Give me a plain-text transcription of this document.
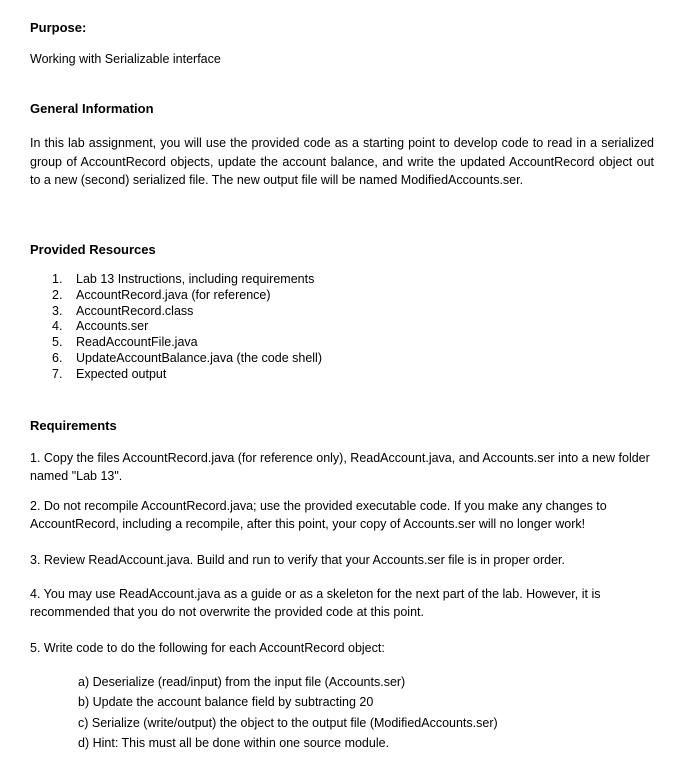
Purpose:
Working with Serializable interface
General Information
In this lab assignment, you will use the provided code as a starting point to develop code to read in a serialized group of AccountRecord objects, update the account balance, and write the updated AccountRecord object out to a new (second) serialized file. The new output file will be named ModifiedAccounts.ser.
Provided Resources
1. Lab 13 Instructions, including requirements
2. AccountRecord.java (for reference)
3. AccountRecord.class
4. Accounts.ser
5. ReadAccountFile.java
6. UpdateAccountBalance.java (the code shell)
7. Expected output
Requirements
1. Copy the files AccountRecord.java (for reference only), ReadAccount.java, and Accounts.ser into a new folder named "Lab 13".
2. Do not recompile AccountRecord.java; use the provided executable code. If you make any changes to AccountRecord, including a recompile, after this point, your copy of Accounts.ser will no longer work!
3. Review ReadAccount.java. Build and run to verify that your Accounts.ser file is in proper order.
4. You may use ReadAccount.java as a guide or as a skeleton for the next part of the lab. However, it is recommended that you do not overwrite the provided code at this point.
5. Write code to do the following for each AccountRecord object:
a) Deserialize (read/input) from the input file (Accounts.ser)
b) Update the account balance field by subtracting 20
c) Serialize (write/output) the object to the output file (ModifiedAccounts.ser)
d) Hint: This must all be done within one source module.
